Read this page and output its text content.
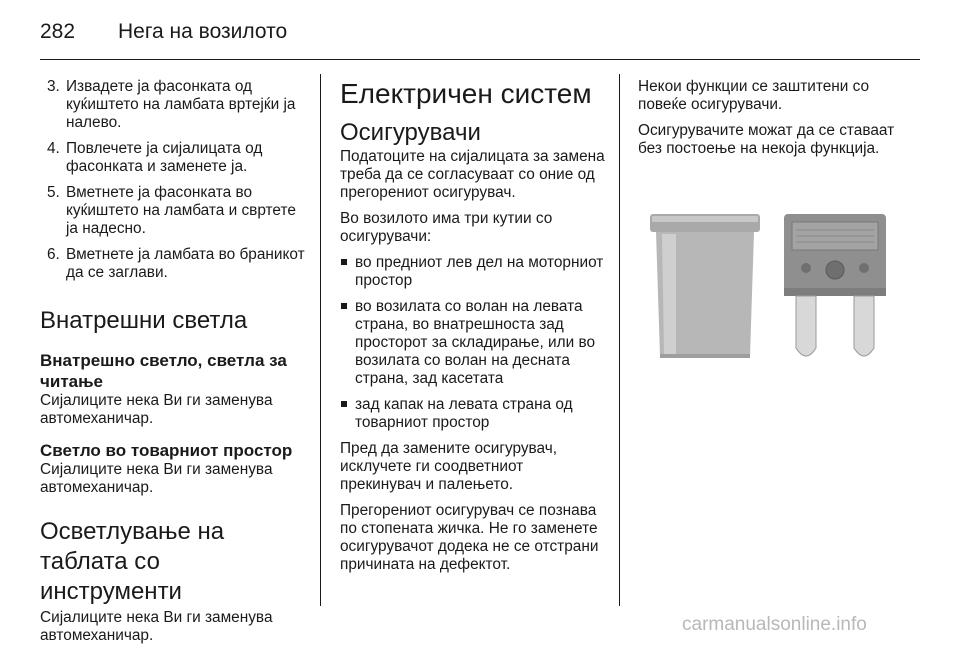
282 Нега на возилото
3. Извадете ја фасонката од куќиштето на ламбата вртејќи ја налево.
4. Повлечете ја сијалицата од фасонката и заменете ја.
5. Вметнете ја фасонката во куќиштето на ламбата и свртете ја надесно.
6. Вметнете ја ламбата во браникот да се заглави.
Внатрешни светла
Внатрешно светло, светла за читање

Сијалиците нека Ви ги заменува автомеханичар.

Светло во товарниот простор

Сијалиците нека Ви ги заменува автомеханичар.

Осветлување на таблата со инструменти

Сијалиците нека Ви ги заменува автомеханичар.

Електричен систем
Осигурувачи

Податоците на сијалицата за замена треба да се согласуваат со оние од прегорениот осигурувач.

Во возилото има три кутии со осигурувачи:

во предниот лев дел на моторниот простор
во возилата со волан на левата страна, во внатрешноста зад просторот за складирање, или во возилата со волан на десната страна, зад касетата
зад капак на левата страна од товарниот простор

Пред да замените осигурувач, исклучете ги соодветниот прекинувач и палењето.

Прегорениот осигурувач се познава по стопената жичка. Не го заменете осигурувачот додека не се отстрани причината на дефектот.

Некои функции се заштитени со повеќе осигурувачи.

Осигурувачите можат да се ставаат без постоење на некоја функција.

carmanualsonline.info
